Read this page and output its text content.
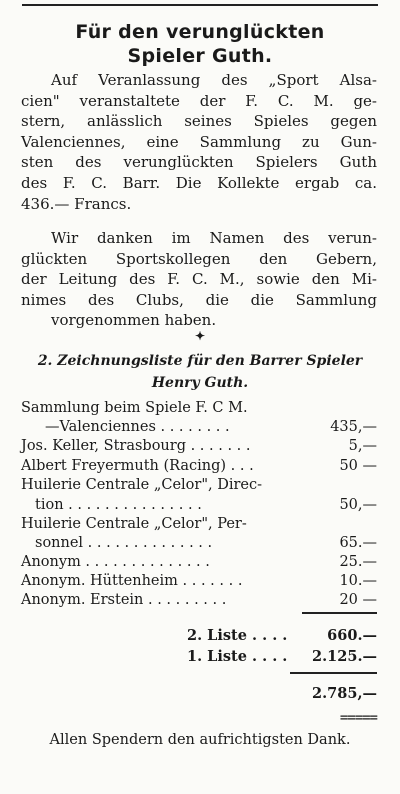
Für den verunglückten
Spieler Guth.
Auf Veranlassung des „Sport Alsa-
cien" veranstaltete der F. C. M. ge-
stern, anlässlich seines Spieles gegen
Valenciennes, eine Sammlung zu Gun-
sten des verunglückten Spielers Guth
des F. C. Barr. Die Kollekte ergab ca.
436.— Francs.
Wir danken im Namen des verun-
glückten Sportskollegen den Gebern,
der Leitung des F. C. M., sowie den Mi-
nimes des Clubs, die die Sammlung
vorgenommen haben.
✦
2. Zeichnungsliste für den Barrer Spieler
Henry Guth.
Sammlung beim Spiele F. C M.
—Valenciennes . . . . . . . .	435,—
Jos. Keller, Strasbourg . . . . . . .	5,—
Albert Freyermuth (Racing) . . .	50 —
Huilerie Centrale „Celor", Direc-
tion . . . . . . . . . . . . . . .	50,—
Huilerie Centrale „Celor", Per-
sonnel . . . . . . . . . . . . . .	65.—
Anonym . . . . . . . . . . . . . .	25.—
Anonym. Hüttenheim . . . . . . .	10.—
Anonym. Erstein . . . . . . . . .	20 —
2. Liste . . . .	660.—
1. Liste . . . . 2.125.—
2.785,—
=====
Allen Spendern den aufrichtigsten Dank.
